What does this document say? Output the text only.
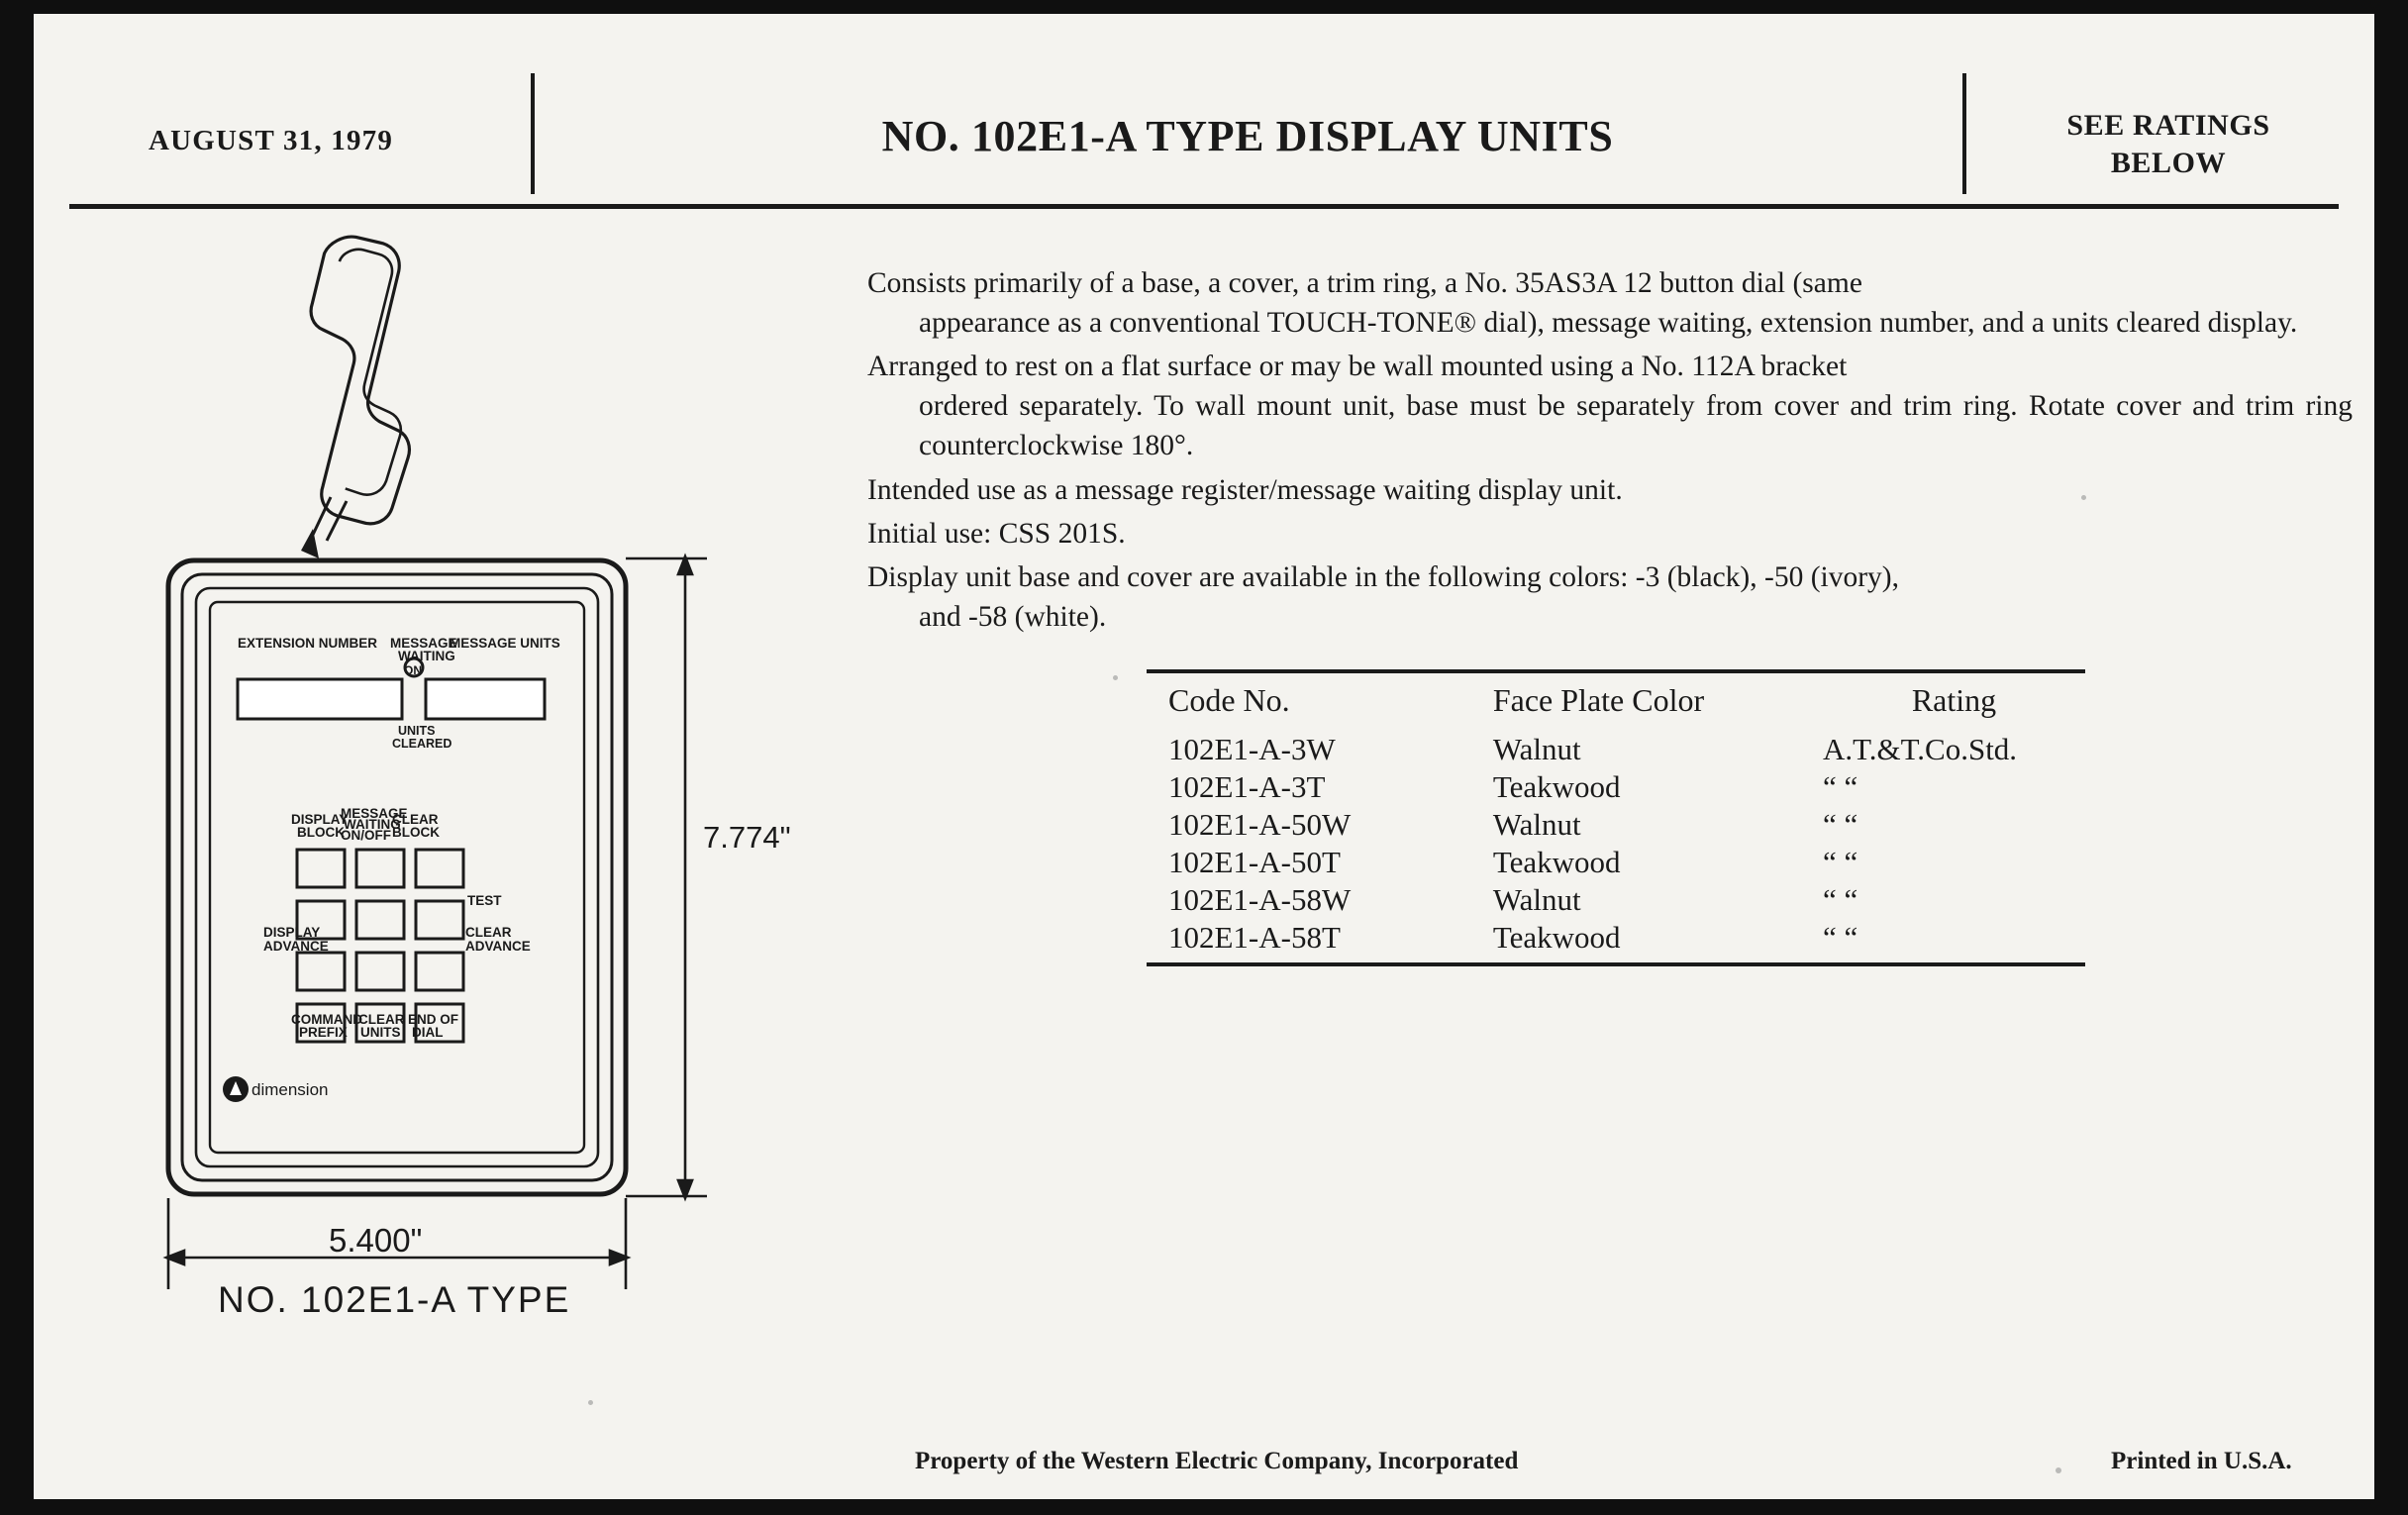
AUGUST 31, 1979	NO. 102E1-A TYPE DISPLAY UNITS	SEE RATINGS
BELOW
Consists primarily of a base, a cover, a trim ring, a No. 35AS3A 12 button dial (same
appearance as a conventional TOUCH-TONE® dial), message waiting, extension number, and a units cleared display.
Arranged to rest on a flat surface or may be wall mounted using a No. 112A bracket
ordered separately. To wall mount unit, base must be separately from cover and trim ring. Rotate cover and trim ring counterclockwise 180°.
Intended use as a message register/message waiting display unit.
Initial use: CSS 201S.
Display unit base and cover are available in the following colors: -3 (black), -50 (ivory),
and -58 (white).
Code No.	Face Plate Color	Rating
102E1-A-3W	Walnut	A.T.&T.Co.Std.
102E1-A-3T	Teakwood	“ “
102E1-A-50W	Walnut	“ “
102E1-A-50T	Teakwood	“ “
102E1-A-58W	Walnut	“ “
102E1-A-58T	Teakwood	“ “
EXTENSION NUMBER MESSAGE
WAITING
MESSAGE UNITS
ON
UNITS
CLEARED
DISPLAY
BLOCK
MESSAGE
WAITING
ON/OFF
CLEAR
BLOCK
TEST
DISPLAY
ADVANCE
CLEAR
ADVANCE
COMMAND
PREFIX
CLEAR
UNITS
END OF
DIAL
dimension
7.774"
5.400"
NO. 102E1-A TYPE
Property of the Western Electric Company, Incorporated	Printed in U.S.A.
